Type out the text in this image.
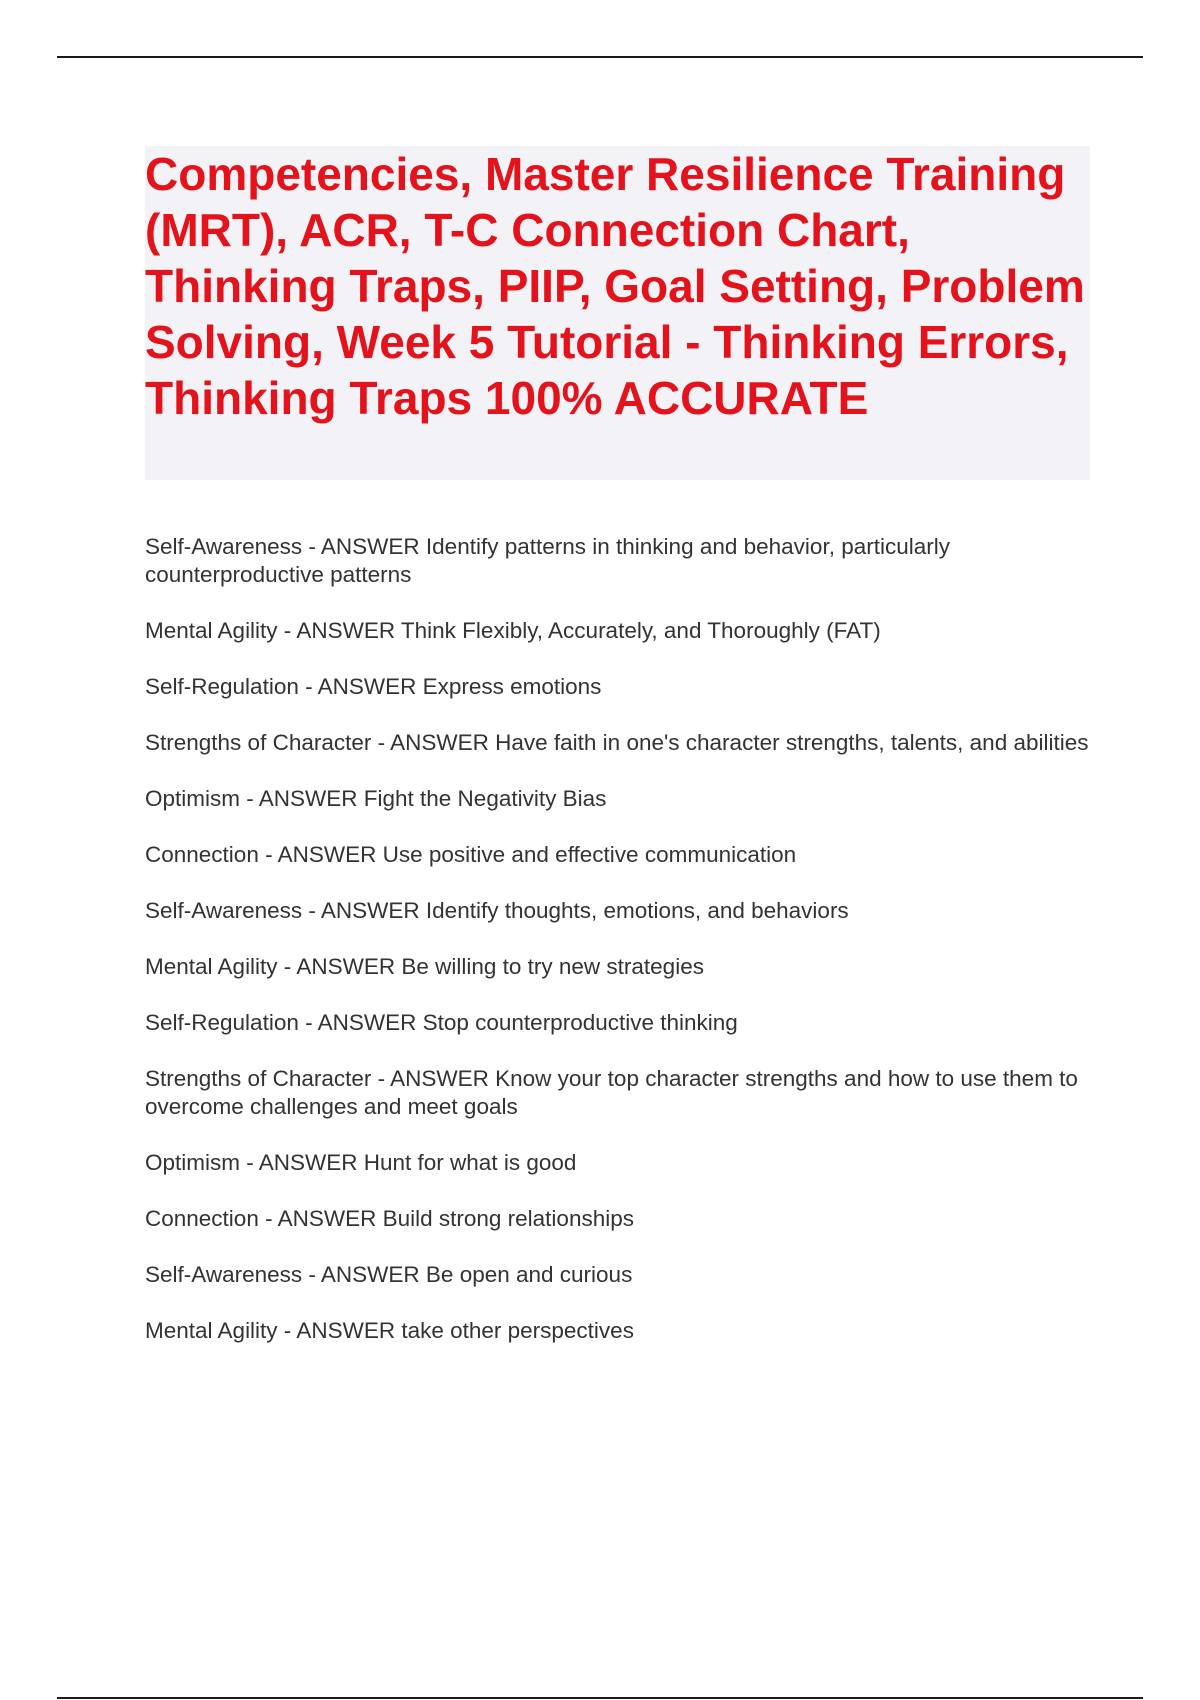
Competencies, Master Resilience Training (MRT), ACR, T-C Connection Chart, Thinking Traps, PIIP, Goal Setting, Problem Solving, Week 5 Tutorial - Thinking Errors, Thinking Traps 100% ACCURATE
Self-Awareness - ANSWER Identify patterns in thinking and behavior, particularly counterproductive patterns
Mental Agility - ANSWER Think Flexibly, Accurately, and Thoroughly (FAT)
Self-Regulation - ANSWER Express emotions
Strengths of Character - ANSWER Have faith in one's character strengths, talents, and abilities
Optimism - ANSWER Fight the Negativity Bias
Connection - ANSWER Use positive and effective communication
Self-Awareness - ANSWER Identify thoughts, emotions, and behaviors
Mental Agility - ANSWER Be willing to try new strategies
Self-Regulation - ANSWER Stop counterproductive thinking
Strengths of Character - ANSWER Know your top character strengths and how to use them to overcome challenges and meet goals
Optimism - ANSWER Hunt for what is good
Connection - ANSWER Build strong relationships
Self-Awareness - ANSWER Be open and curious
Mental Agility - ANSWER take other perspectives
